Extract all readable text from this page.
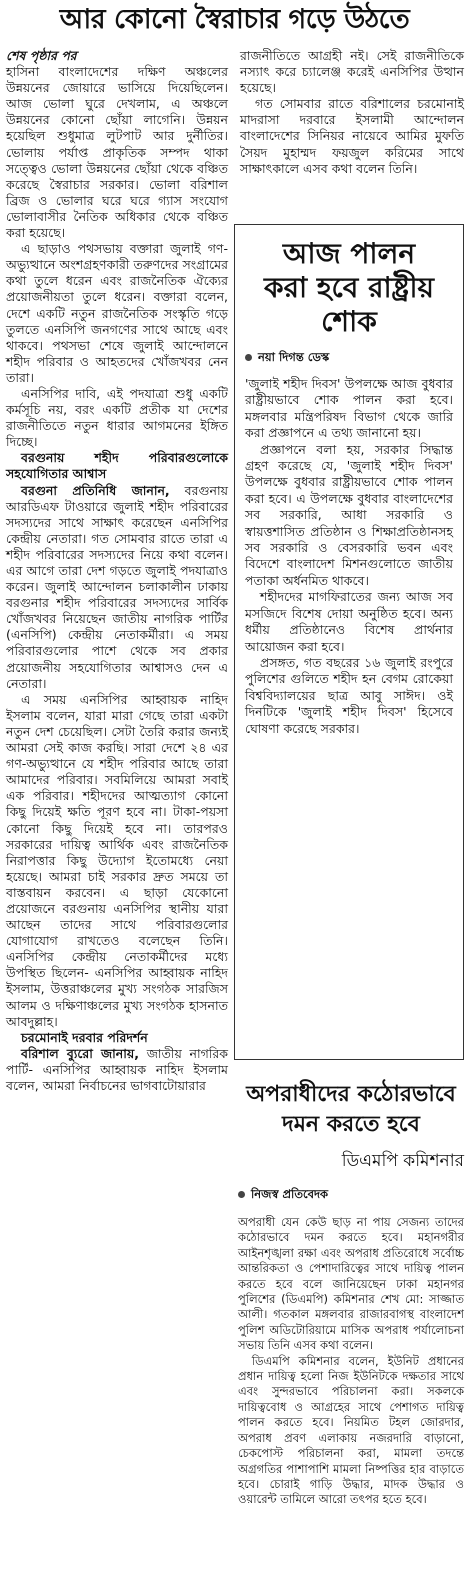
আর কোনো স্বৈরাচার গড়ে উঠতে

শেষ পৃষ্ঠার পর

হাসিনা বাংলাদেশের দক্ষিণ অঞ্চলের উন্নয়নের জোয়ারে ভাসিয়ে দিয়েছিলেন। আজ ভোলা ঘুরে দেখলাম, এ অঞ্চলে উন্নয়নের কোনো ছোঁয়া লাগেনি। উন্নয়ন হয়েছিল শুধুমাত্র লুটপাট আর দুর্নীতির। ভোলায় পর্যাপ্ত প্রাকৃতিক সম্পদ থাকা সত্ত্বেও ভোলা উন্নয়নের ছোঁয়া থেকে বঞ্চিত করেছে স্বৈরাচার সরকার। ভোলা বরিশাল ব্রিজ ও ভোলার ঘরে ঘরে গ্যাস সংযোগ ভোলাবাসীর নৈতিক অধিকার থেকে বঞ্চিত করা হয়েছে।

এ ছাড়াও পথসভায় বক্তারা জুলাই গণ-অভ্যুত্থানে অংশগ্রহণকারী তরুণদের সংগ্রামের কথা তুলে ধরেন এবং রাজনৈতিক ঐক্যের প্রয়োজনীয়তা তুলে ধরেন। বক্তারা বলেন, দেশে একটি নতুন রাজনৈতিক সংস্কৃতি গড়ে তুলতে এনসিপি জনগণের সাথে আছে এবং থাকবে। পথসভা শেষে জুলাই আন্দোলনে শহীদ পরিবার ও আহতদের খোঁজখবর নেন তারা।

এনসিপির দাবি, এই পদযাত্রা শুধু একটি কর্মসূচি নয়, বরং একটি প্রতীক যা দেশের রাজনীতিতে নতুন ধারার আগমনের ইঙ্গিত দিচ্ছে।

বরগুনায় শহীদ পরিবারগুলোকে সহযোগিতার আশ্বাস

বরগুনা প্রতিনিধি জানান, বরগুনায় আরডিএফ টাওয়ারে জুলাই শহীদ পরিবারের সদস্যদের সাথে সাক্ষাৎ করেছেন এনসিপির কেন্দ্রীয় নেতারা। গত সোমবার রাতে তারা এ শহীদ পরিবারের সদস্যদের নিয়ে কথা বলেন। এর আগে তারা দেশ গড়তে জুলাই পদযাত্রাও করেন। জুলাই আন্দোলন চলাকালীন ঢাকায় বরগুনার শহীদ পরিবারের সদস্যদের সার্বিক খোঁজখবর নিয়েছেন জাতীয় নাগরিক পার্টির (এনসিপি) কেন্দ্রীয় নেতাকর্মীরা। এ সময় পরিবারগুলোর পাশে থেকে সব প্রকার প্রয়োজনীয় সহযোগিতার আশ্বাসও দেন এ নেতারা।

এ সময় এনসিপির আহ্বায়ক নাহিদ ইসলাম বলেন, যারা মারা গেছে তারা একটা নতুন দেশ চেয়েছিল। সেটা তৈরি করার জন্যই আমরা সেই কাজ করছি। সারা দেশে ২৪ এর গণ-অভ্যুত্থানে যে শহীদ পরিবার আছে তারা আমাদের পরিবার। সবমিলিয়ে আমরা সবাই এক পরিবার। শহীদদের আত্মত্যাগ কোনো কিছু দিয়েই ক্ষতি পূরণ হবে না। টাকা-পয়সা কোনো কিছু দিয়েই হবে না। তারপরও সরকারের দায়িত্ব আর্থিক এবং রাজনৈতিক নিরাপত্তার কিছু উদ্যোগ ইতোমধ্যে নেয়া হয়েছে। আমরা চাই সরকার দ্রুত সময়ে তা বাস্তবায়ন করবেন। এ ছাড়া যেকোনো প্রয়োজনে বরগুনায় এনসিপির স্থানীয় যারা আছেন তাদের সাথে পরিবারগুলোর যোগাযোগ রাখতেও বলেছেন তিনি। এনসিপির কেন্দ্রীয় নেতাকর্মীদের মধ্যে উপস্থিত ছিলেন- এনসিপির আহ্বায়ক নাহিদ ইসলাম, উত্তরাঞ্চলের মুখ্য সংগঠক সারজিস আলম ও দক্ষিণাঞ্চলের মুখ্য সংগঠক হাসনাত আবদুল্লাহ।

চরমোনাই দরবার পরিদর্শন

বরিশাল ব্যুরো জানায়, জাতীয় নাগরিক পার্টি- এনসিপির আহ্বায়ক নাহিদ ইসলাম বলেন, আমরা নির্বাচনের ভাগবাটোয়ারার

রাজনীতিতে আগ্রহী নই। সেই রাজনীতিকে নস্যাৎ করে চ্যালেঞ্জ করেই এনসিপির উত্থান হয়েছে।

গত সোমবার রাতে বরিশালের চরমোনাই মাদরাসা দরবারে ইসলামী আন্দোলন বাংলাদেশের সিনিয়র নায়েবে আমির মুফতি সৈয়দ মুহাম্মদ ফয়জুল করিমের সাথে সাক্ষাৎকালে এসব কথা বলেন তিনি।

আজ পালন
করা হবে রাষ্ট্রীয়
শোক
নয়া দিগন্ত ডেস্ক

'জুলাই শহীদ দিবস' উপলক্ষে আজ বুধবার রাষ্ট্রীয়ভাবে শোক পালন করা হবে। মঙ্গলবার মন্ত্রিপরিষদ বিভাগ থেকে জারি করা প্রজ্ঞাপনে এ তথ্য জানানো হয়।

প্রজ্ঞাপনে বলা হয়, সরকার সিদ্ধান্ত গ্রহণ করেছে যে, 'জুলাই শহীদ দিবস' উপলক্ষে বুধবার রাষ্ট্রীয়ভাবে শোক পালন করা হবে। এ উপলক্ষে বুধবার বাংলাদেশের সব সরকারি, আধা সরকারি ও স্বায়ত্তশাসিত প্রতিষ্ঠান ও শিক্ষাপ্রতিষ্ঠানসহ সব সরকারি ও বেসরকারি ভবন এবং বিদেশে বাংলাদেশ মিশনগুলোতে জাতীয় পতাকা অর্ধনমিত থাকবে।

শহীদদের মাগফিরাতের জন্য আজ সব মসজিদে বিশেষ দোয়া অনুষ্ঠিত হবে। অন্য ধর্মীয় প্রতিষ্ঠানেও বিশেষ প্রার্থনার আয়োজন করা হবে।

প্রসঙ্গত, গত বছরের ১৬ জুলাই রংপুরে পুলিশের গুলিতে শহীদ হন বেগম রোকেয়া বিশ্ববিদ্যালয়ের ছাত্র আবু সাঈদ। ওই দিনটিকে 'জুলাই শহীদ দিবস' হিসেবে ঘোষণা করেছে সরকার।

অপরাধীদের কঠোরভাবে
দমন করতে হবে
ডিএমপি কমিশনার
নিজস্ব প্রতিবেদক

অপরাধী যেন কেউ ছাড় না পায় সেজন্য তাদের কঠোরভাবে দমন করতে হবে। মহানগরীর আইনশৃঙ্খলা রক্ষা এবং অপরাধ প্রতিরোধে সর্বোচ্চ আন্তরিকতা ও পেশাদারিত্বের সাথে দায়িত্ব পালন করতে হবে বলে জানিয়েছেন ঢাকা মহানগর পুলিশের (ডিএমপি) কমিশনার শেখ মো: সাজ্জাত আলী। গতকাল মঙ্গলবার রাজারবাগস্থ বাংলাদেশ পুলিশ অডিটোরিয়ামে মাসিক অপরাধ পর্যালোচনা সভায় তিনি এসব কথা বলেন।

ডিএমপি কমিশনার বলেন, ইউনিট প্রধানের প্রধান দায়িত্ব হলো নিজ ইউনিটকে দক্ষতার সাথে এবং সুন্দরভাবে পরিচালনা করা। সকলকে দায়িত্ববোধ ও আগ্রহের সাথে পেশাগত দায়িত্ব পালন করতে হবে। নিয়মিত টহল জোরদার, অপরাধ প্রবণ এলাকায় নজরদারি বাড়ানো, চেকপোস্ট পরিচালনা করা, মামলা তদন্তে অগ্রগতির পাশাপাশি মামলা নিষ্পত্তির হার বাড়াতে হবে। চোরাই গাড়ি উদ্ধার, মাদক উদ্ধার ও ওয়ারেন্ট তামিলে আরো তৎপর হতে হবে।
